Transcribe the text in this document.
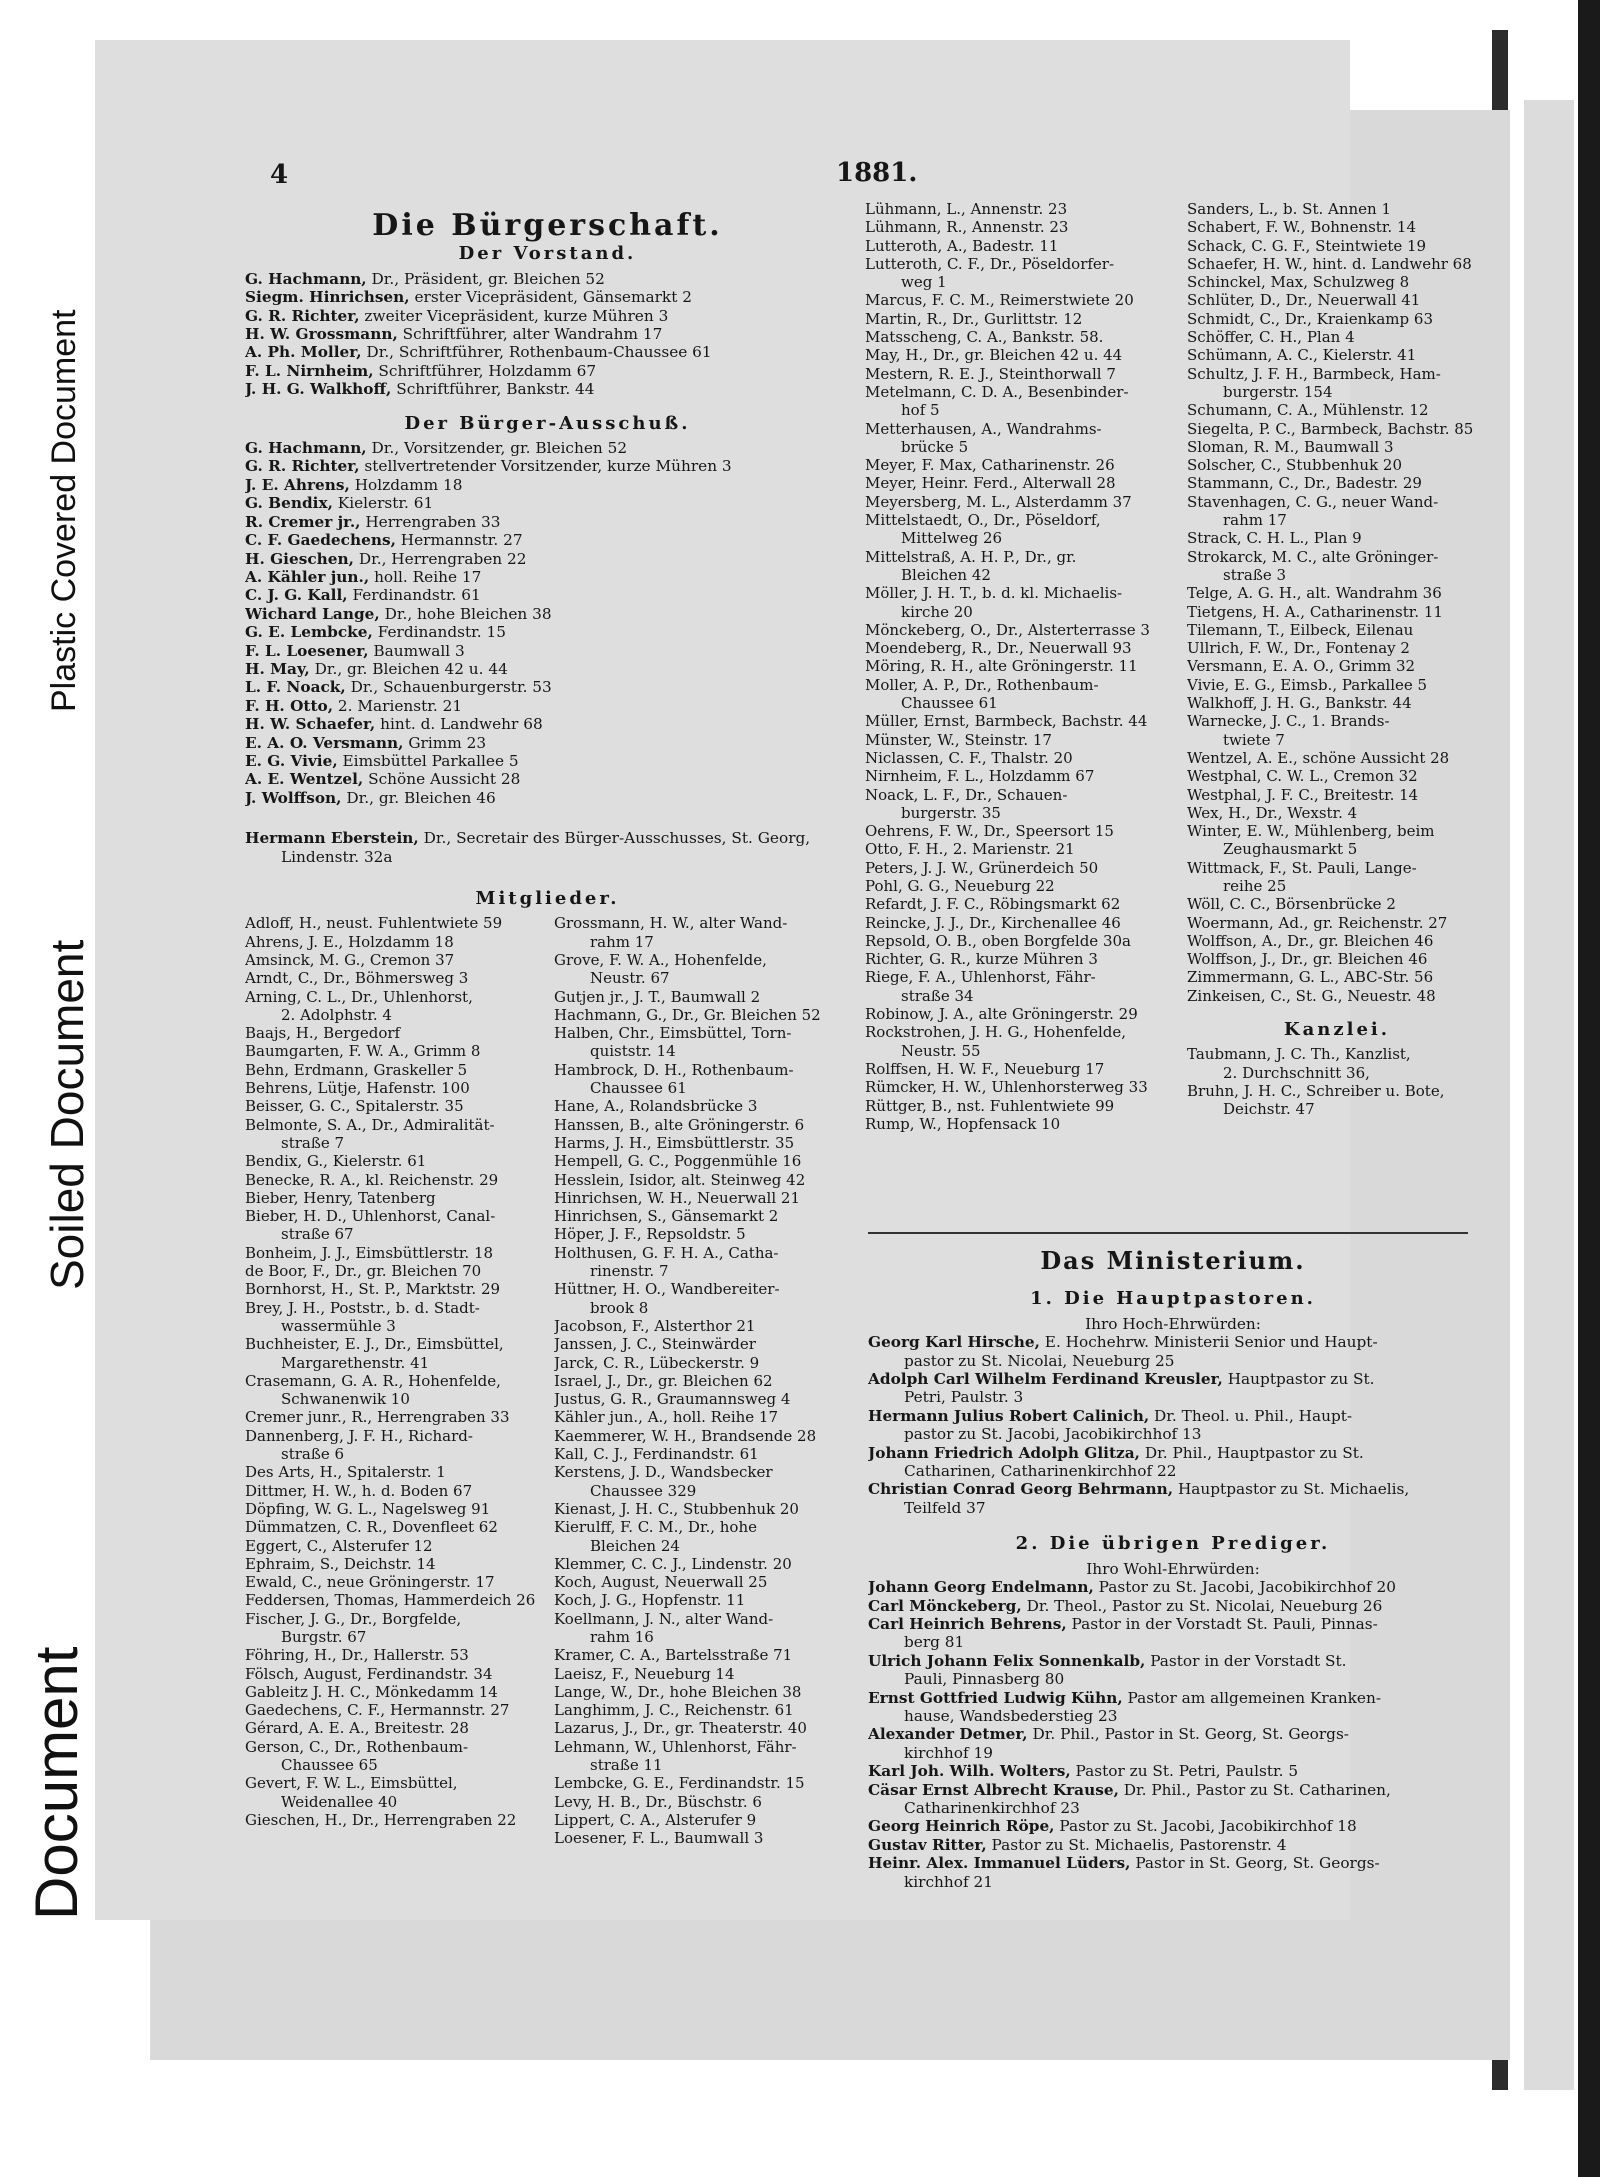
Plastic Covered Document
Soiled Document
Document
4	1881.
Die Bürgerschaft.
Der Vorstand.
G. Hachmann, Dr., Präsident, gr. Bleichen 52
Siegm. Hinrichsen, erster Vicepräsident, Gänsemarkt 2
G. R. Richter, zweiter Vicepräsident, kurze Mühren 3
H. W. Grossmann, Schriftführer, alter Wandrahm 17
A. Ph. Moller, Dr., Schriftführer, Rothenbaum-Chaussee 61
F. L. Nirnheim, Schriftführer, Holzdamm 67
J. H. G. Walkhoff, Schriftführer, Bankstr. 44
Der Bürger-Ausschuß.
G. Hachmann, Dr., Vorsitzender, gr. Bleichen 52
G. R. Richter, stellvertretender Vorsitzender, kurze Mühren 3
J. E. Ahrens, Holzdamm 18
G. Bendix, Kielerstr. 61
R. Cremer jr., Herrengraben 33
C. F. Gaedechens, Hermannstr. 27
H. Gieschen, Dr., Herrengraben 22
A. Kähler jun., holl. Reihe 17
C. J. G. Kall, Ferdinandstr. 61
Wichard Lange, Dr., hohe Bleichen 38
G. E. Lembcke, Ferdinandstr. 15
F. L. Loesener, Baumwall 3
H. May, Dr., gr. Bleichen 42 u. 44
L. F. Noack, Dr., Schauenburgerstr. 53
F. H. Otto, 2. Marienstr. 21
H. W. Schaefer, hint. d. Landwehr 68
E. A. O. Versmann, Grimm 23
E. G. Vivie, Eimsbüttel Parkallee 5
A. E. Wentzel, Schöne Aussicht 28
J. Wolffson, Dr., gr. Bleichen 46
Hermann Eberstein, Dr., Secretair des Bürger-Ausschusses, St. Georg,
Lindenstr. 32a
Mitglieder.
Adloff, H., neust. Fuhlentwiete 59
Ahrens, J. E., Holzdamm 18
Amsinck, M. G., Cremon 37
Arndt, C., Dr., Böhmersweg 3
Arning, C. L., Dr., Uhlenhorst,
2. Adolphstr. 4
Baajs, H., Bergedorf
Baumgarten, F. W. A., Grimm 8
Behn, Erdmann, Graskeller 5
Behrens, Lütje, Hafenstr. 100
Beisser, G. C., Spitalerstr. 35
Belmonte, S. A., Dr., Admiralität-
straße 7
Bendix, G., Kielerstr. 61
Benecke, R. A., kl. Reichenstr. 29
Bieber, Henry, Tatenberg
Bieber, H. D., Uhlenhorst, Canal-
straße 67
Bonheim, J. J., Eimsbüttlerstr. 18
de Boor, F., Dr., gr. Bleichen 70
Bornhorst, H., St. P., Marktstr. 29
Brey, J. H., Poststr., b. d. Stadt-
wassermühle 3
Buchheister, E. J., Dr., Eimsbüttel,
Margarethenstr. 41
Crasemann, G. A. R., Hohenfelde,
Schwanenwik 10
Cremer junr., R., Herrengraben 33
Dannenberg, J. F. H., Richard-
straße 6
Des Arts, H., Spitalerstr. 1
Dittmer, H. W., h. d. Boden 67
Döpfing, W. G. L., Nagelsweg 91
Dümmatzen, C. R., Dovenfleet 62
Eggert, C., Alsterufer 12
Ephraim, S., Deichstr. 14
Ewald, C., neue Gröningerstr. 17
Feddersen, Thomas, Hammerdeich 26
Fischer, J. G., Dr., Borgfelde,
Burgstr. 67
Föhring, H., Dr., Hallerstr. 53
Fölsch, August, Ferdinandstr. 34
Gableitz J. H. C., Mönkedamm 14
Gaedechens, C. F., Hermannstr. 27
Gérard, A. E. A., Breitestr. 28
Gerson, C., Dr., Rothenbaum-
Chaussee 65
Gevert, F. W. L., Eimsbüttel,
Weidenallee 40
Gieschen, H., Dr., Herrengraben 22
Grossmann, H. W., alter Wand-
rahm 17
Grove, F. W. A., Hohenfelde,
Neustr. 67
Gutjen jr., J. T., Baumwall 2
Hachmann, G., Dr., Gr. Bleichen 52
Halben, Chr., Eimsbüttel, Torn-
quiststr. 14
Hambrock, D. H., Rothenbaum-
Chaussee 61
Hane, A., Rolandsbrücke 3
Hanssen, B., alte Gröningerstr. 6
Harms, J. H., Eimsbüttlerstr. 35
Hempell, G. C., Poggenmühle 16
Hesslein, Isidor, alt. Steinweg 42
Hinrichsen, W. H., Neuerwall 21
Hinrichsen, S., Gänsemarkt 2
Höper, J. F., Repsoldstr. 5
Holthusen, G. F. H. A., Catha-
rinenstr. 7
Hüttner, H. O., Wandbereiter-
brook 8
Jacobson, F., Alsterthor 21
Janssen, J. C., Steinwärder
Jarck, C. R., Lübeckerstr. 9
Israel, J., Dr., gr. Bleichen 62
Justus, G. R., Graumannsweg 4
Kähler jun., A., holl. Reihe 17
Kaemmerer, W. H., Brandsende 28
Kall, C. J., Ferdinandstr. 61
Kerstens, J. D., Wandsbecker
Chaussee 329
Kienast, J. H. C., Stubbenhuk 20
Kierulff, F. C. M., Dr., hohe
Bleichen 24
Klemmer, C. C. J., Lindenstr. 20
Koch, August, Neuerwall 25
Koch, J. G., Hopfenstr. 11
Koellmann, J. N., alter Wand-
rahm 16
Kramer, C. A., Bartelsstraße 71
Laeisz, F., Neueburg 14
Lange, W., Dr., hohe Bleichen 38
Langhimm, J. C., Reichenstr. 61
Lazarus, J., Dr., gr. Theaterstr. 40
Lehmann, W., Uhlenhorst, Fähr-
straße 11
Lembcke, G. E., Ferdinandstr. 15
Levy, H. B., Dr., Büschstr. 6
Lippert, C. A., Alsterufer 9
Loesener, F. L., Baumwall 3
Lühmann, L., Annenstr. 23
Lühmann, R., Annenstr. 23
Lutteroth, A., Badestr. 11
Lutteroth, C. F., Dr., Pöseldorfer-
weg 1
Marcus, F. C. M., Reimerstwiete 20
Martin, R., Dr., Gurlittstr. 12
Matsscheng, C. A., Bankstr. 58.
May, H., Dr., gr. Bleichen 42 u. 44
Mestern, R. E. J., Steinthorwall 7
Metelmann, C. D. A., Besenbinder-
hof 5
Metterhausen, A., Wandrahms-
brücke 5
Meyer, F. Max, Catharinenstr. 26
Meyer, Heinr. Ferd., Alterwall 28
Meyersberg, M. L., Alsterdamm 37
Mittelstaedt, O., Dr., Pöseldorf,
Mittelweg 26
Mittelstraß, A. H. P., Dr., gr.
Bleichen 42
Möller, J. H. T., b. d. kl. Michaelis-
kirche 20
Mönckeberg, O., Dr., Alsterterrasse 3
Moendeberg, R., Dr., Neuerwall 93
Möring, R. H., alte Gröningerstr. 11
Moller, A. P., Dr., Rothenbaum-
Chaussee 61
Müller, Ernst, Barmbeck, Bachstr. 44
Münster, W., Steinstr. 17
Niclassen, C. F., Thalstr. 20
Nirnheim, F. L., Holzdamm 67
Noack, L. F., Dr., Schauen-
burgerstr. 35
Oehrens, F. W., Dr., Speersort 15
Otto, F. H., 2. Marienstr. 21
Peters, J. J. W., Grünerdeich 50
Pohl, G. G., Neueburg 22
Refardt, J. F. C., Röbingsmarkt 62
Reincke, J. J., Dr., Kirchenallee 46
Repsold, O. B., oben Borgfelde 30a
Richter, G. R., kurze Mühren 3
Riege, F. A., Uhlenhorst, Fähr-
straße 34
Robinow, J. A., alte Gröningerstr. 29
Rockstrohen, J. H. G., Hohenfelde,
Neustr. 55
Rolffsen, H. W. F., Neueburg 17
Rümcker, H. W., Uhlenhorsterweg 33
Rüttger, B., nst. Fuhlentwiete 99
Rump, W., Hopfensack 10
Sanders, L., b. St. Annen 1
Schabert, F. W., Bohnenstr. 14
Schack, C. G. F., Steintwiete 19
Schaefer, H. W., hint. d. Landwehr 68
Schinckel, Max, Schulzweg 8
Schlüter, D., Dr., Neuerwall 41
Schmidt, C., Dr., Kraienkamp 63
Schöffer, C. H., Plan 4
Schümann, A. C., Kielerstr. 41
Schultz, J. F. H., Barmbeck, Ham-
burgerstr. 154
Schumann, C. A., Mühlenstr. 12
Siegelta, P. C., Barmbeck, Bachstr. 85
Sloman, R. M., Baumwall 3
Solscher, C., Stubbenhuk 20
Stammann, C., Dr., Badestr. 29
Stavenhagen, C. G., neuer Wand-
rahm 17
Strack, C. H. L., Plan 9
Strokarck, M. C., alte Gröninger-
straße 3
Telge, A. G. H., alt. Wandrahm 36
Tietgens, H. A., Catharinenstr. 11
Tilemann, T., Eilbeck, Eilenau
Ullrich, F. W., Dr., Fontenay 2
Versmann, E. A. O., Grimm 32
Vivie, E. G., Eimsb., Parkallee 5
Walkhoff, J. H. G., Bankstr. 44
Warnecke, J. C., 1. Brands-
twiete 7
Wentzel, A. E., schöne Aussicht 28
Westphal, C. W. L., Cremon 32
Westphal, J. F. C., Breitestr. 14
Wex, H., Dr., Wexstr. 4
Winter, E. W., Mühlenberg, beim
Zeughausmarkt 5
Wittmack, F., St. Pauli, Lange-
reihe 25
Wöll, C. C., Börsenbrücke 2
Woermann, Ad., gr. Reichenstr. 27
Wolffson, A., Dr., gr. Bleichen 46
Wolffson, J., Dr., gr. Bleichen 46
Zimmermann, G. L., ABC-Str. 56
Zinkeisen, C., St. G., Neuestr. 48
Kanzlei.
Taubmann, J. C. Th., Kanzlist,
2. Durchschnitt 36,
Bruhn, J. H. C., Schreiber u. Bote,
Deichstr. 47
Das Ministerium.
1. Die Hauptpastoren.
Ihro Hoch-Ehrwürden:
Georg Karl Hirsche, E. Hochehrw. Ministerii Senior und Haupt-
pastor zu St. Nicolai, Neueburg 25
Adolph Carl Wilhelm Ferdinand Kreusler, Hauptpastor zu St.
Petri, Paulstr. 3
Hermann Julius Robert Calinich, Dr. Theol. u. Phil., Haupt-
pastor zu St. Jacobi, Jacobikirchhof 13
Johann Friedrich Adolph Glitza, Dr. Phil., Hauptpastor zu St.
Catharinen, Catharinenkirchhof 22
Christian Conrad Georg Behrmann, Hauptpastor zu St. Michaelis,
Teilfeld 37
2. Die übrigen Prediger.
Ihro Wohl-Ehrwürden:
Johann Georg Endelmann, Pastor zu St. Jacobi, Jacobikirchhof 20
Carl Mönckeberg, Dr. Theol., Pastor zu St. Nicolai, Neueburg 26
Carl Heinrich Behrens, Pastor in der Vorstadt St. Pauli, Pinnas-
berg 81
Ulrich Johann Felix Sonnenkalb, Pastor in der Vorstadt St.
Pauli, Pinnasberg 80
Ernst Gottfried Ludwig Kühn, Pastor am allgemeinen Kranken-
hause, Wandsbederstieg 23
Alexander Detmer, Dr. Phil., Pastor in St. Georg, St. Georgs-
kirchhof 19
Karl Joh. Wilh. Wolters, Pastor zu St. Petri, Paulstr. 5
Cäsar Ernst Albrecht Krause, Dr. Phil., Pastor zu St. Catharinen,
Catharinenkirchhof 23
Georg Heinrich Röpe, Pastor zu St. Jacobi, Jacobikirchhof 18
Gustav Ritter, Pastor zu St. Michaelis, Pastorenstr. 4
Heinr. Alex. Immanuel Lüders, Pastor in St. Georg, St. Georgs-
kirchhof 21
